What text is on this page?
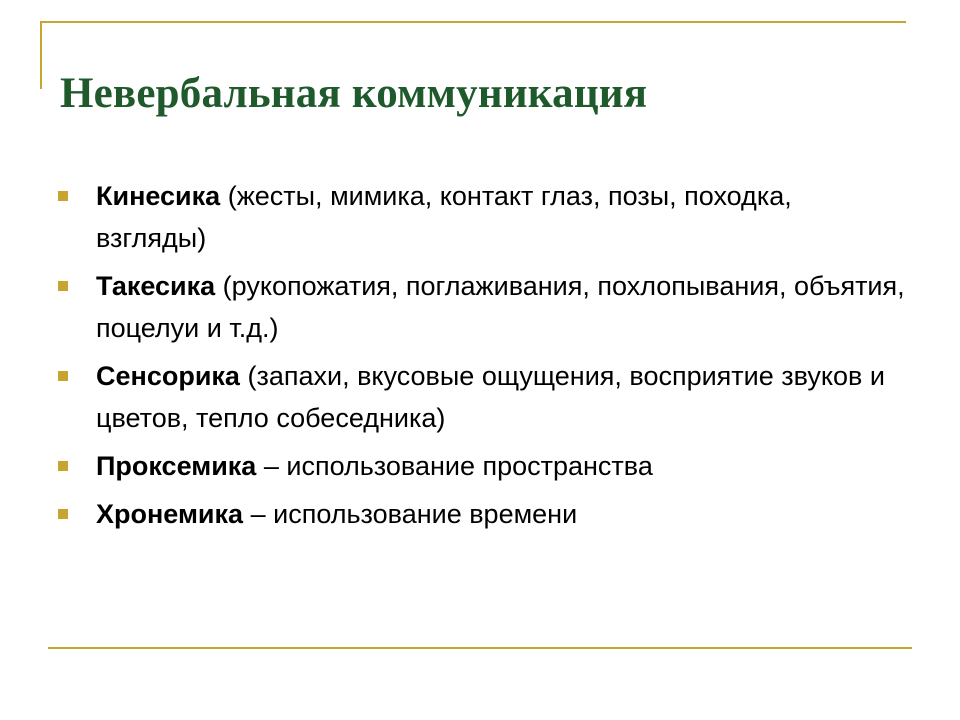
Невербальная коммуникация
Кинесика (жесты, мимика, контакт глаз, позы, походка, взгляды)
Такесика (рукопожатия, поглаживания, похлопывания, объятия, поцелуи и т.д.)
Сенсорика (запахи, вкусовые ощущения, восприятие звуков и цветов, тепло собеседника)
Проксемика – использование пространства
Хронемика – использование времени
